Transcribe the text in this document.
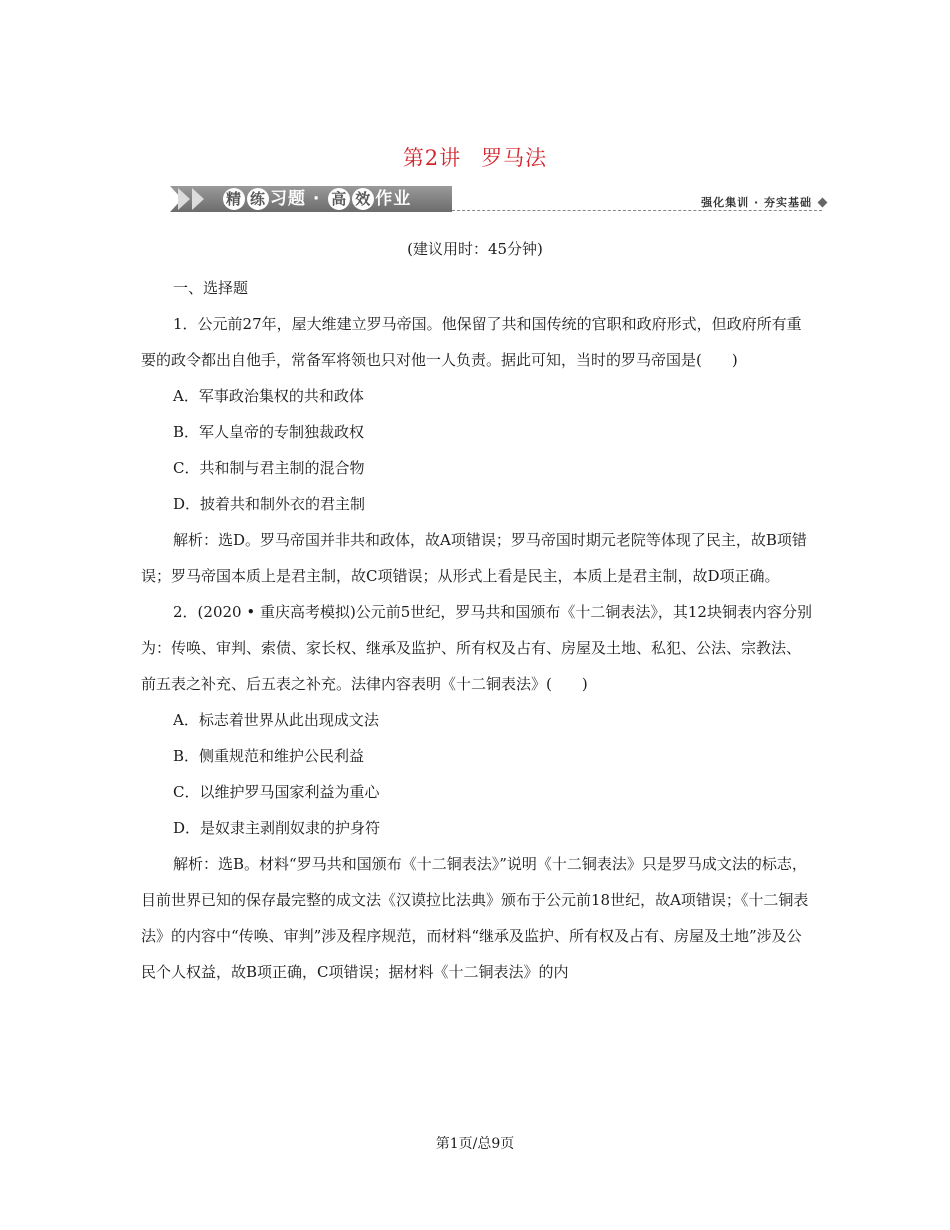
第2讲 罗马法
精 练 习题 · 高 效 作业	强化集训 · 夯实基础
(建议用时：45分钟)

一、选择题

1．公元前27年，屋大维建立罗马帝国。他保留了共和国传统的官职和政府形式，但政府所有重要的政令都出自他手，常备军将领也只对他一人负责。据此可知，当时的罗马帝国是(　　)

A．军事政治集权的共和政体

B．军人皇帝的专制独裁政权

C．共和制与君主制的混合物

D．披着共和制外衣的君主制

解析：选D。罗马帝国并非共和政体，故A项错误；罗马帝国时期元老院等体现了民主，故B项错误；罗马帝国本质上是君主制，故C项错误；从形式上看是民主，本质上是君主制，故D项正确。

2．(2020 • 重庆高考模拟)公元前5世纪，罗马共和国颁布《十二铜表法》，其12块铜表内容分别为：传唤、审判、索债、家长权、继承及监护、所有权及占有、房屋及土地、私犯、公法、宗教法、前五表之补充、后五表之补充。法律内容表明《十二铜表法》(　　)

A．标志着世界从此出现成文法

B．侧重规范和维护公民利益

C．以维护罗马国家利益为重心

D．是奴隶主剥削奴隶的护身符

解析：选B。材料“罗马共和国颁布《十二铜表法》”说明《十二铜表法》只是罗马成文法的标志，目前世界已知的保存最完整的成文法《汉谟拉比法典》颁布于公元前18世纪，故A项错误；《十二铜表法》的内容中“传唤、审判”涉及程序规范，而材料“继承及监护、所有权及占有、房屋及土地”涉及公民个人权益，故B项正确，C项错误；据材料《十二铜表法》的内

第1页/总9页
